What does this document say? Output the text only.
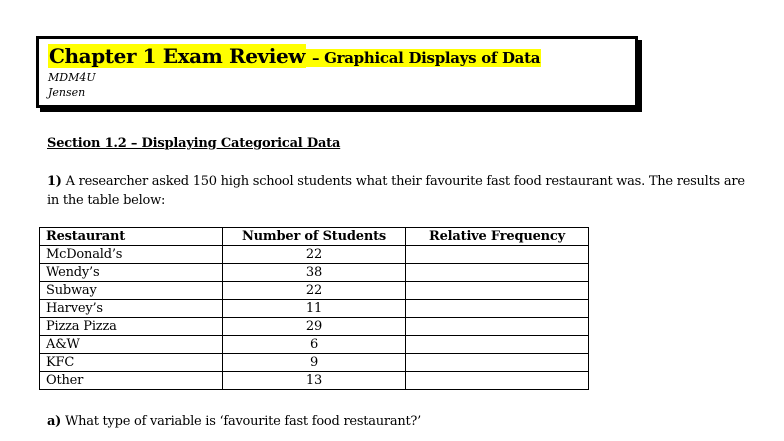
Chapter 1 Exam Review – Graphical Displays of Data
MDM4U
Jensen
Section 1.2 – Displaying Categorical Data
1) A researcher asked 150 high school students what their favourite fast food restaurant was. The results are in the table below:
Restaurant	Number of Students	Relative Frequency
McDonald’s	22	
Wendy’s	38	
Subway	22	
Harvey’s	11	
Pizza Pizza	29	
A&W	6	
KFC	9	
Other	13	
a) What type of variable is ‘favourite fast food restaurant?’
